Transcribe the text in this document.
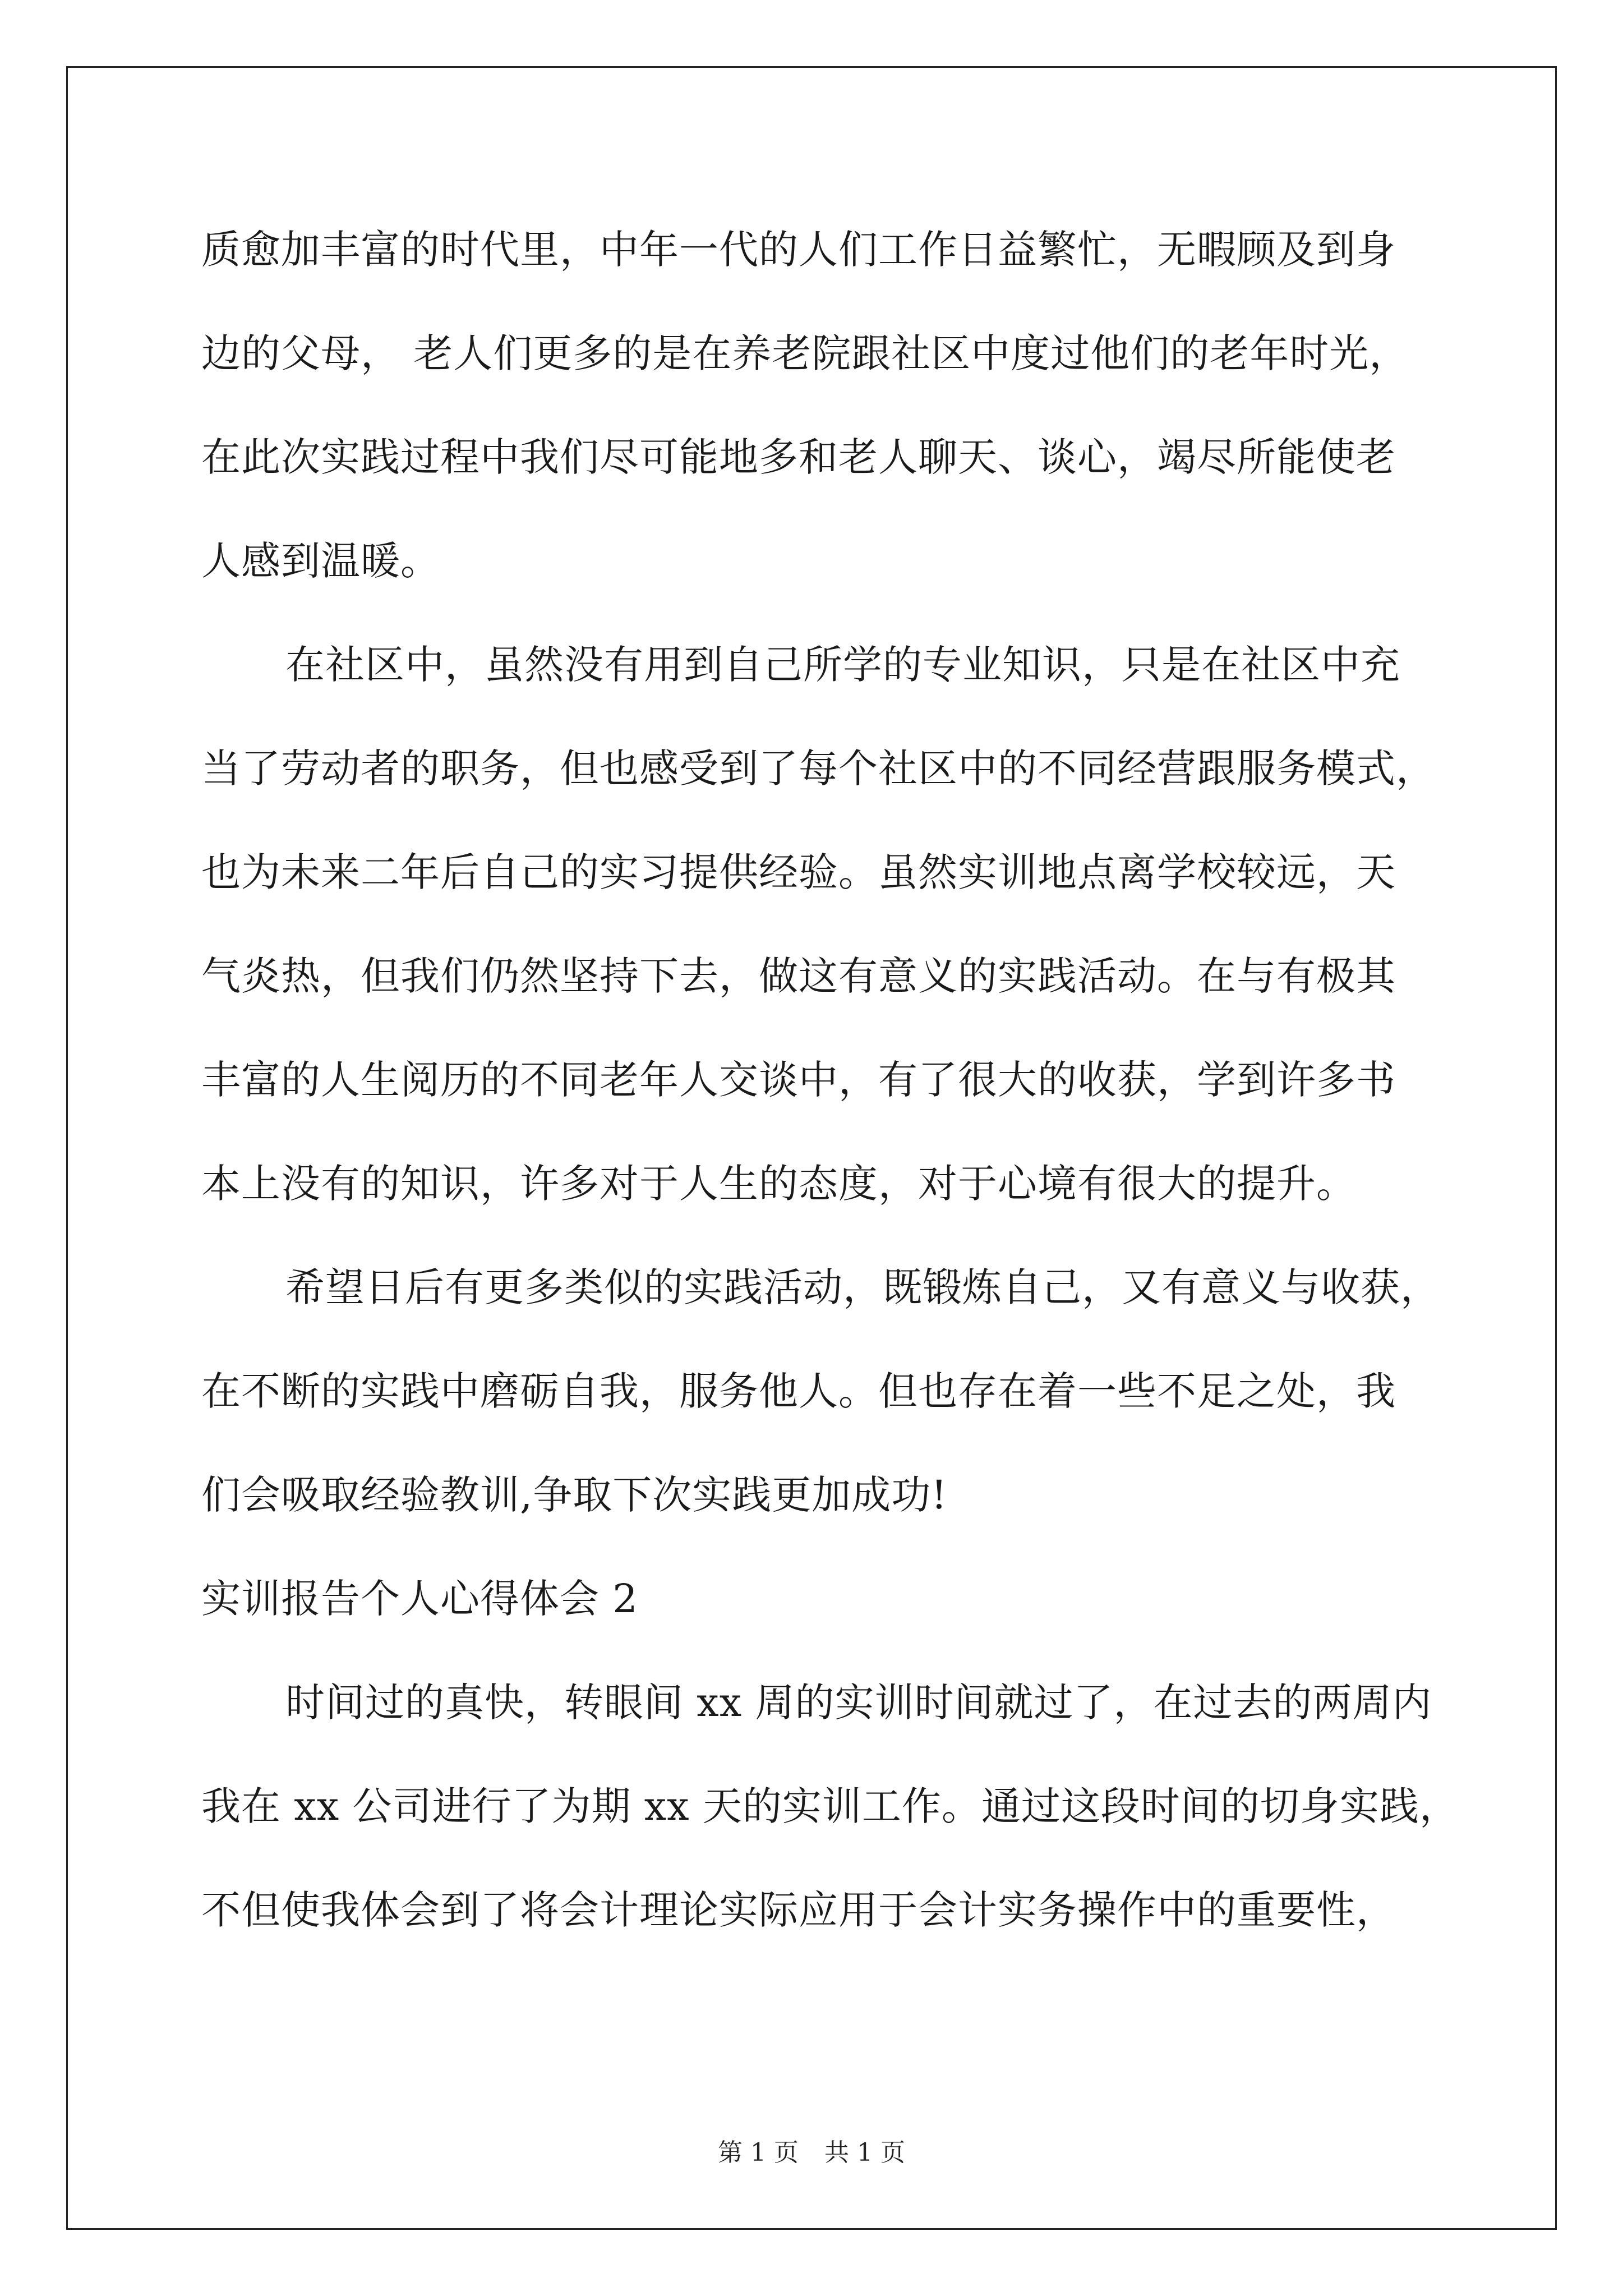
质愈加丰富的时代里，中年一代的人们工作日益繁忙，无暇顾及到身
边的父母， 老人们更多的是在养老院跟社区中度过他们的老年时光，
在此次实践过程中我们尽可能地多和老人聊天、谈心，竭尽所能使老
人感到温暖。
在社区中，虽然没有用到自己所学的专业知识，只是在社区中充
当了劳动者的职务，但也感受到了每个社区中的不同经营跟服务模式，
也为未来二年后自己的实习提供经验。虽然实训地点离学校较远，天
气炎热，但我们仍然坚持下去，做这有意义的实践活动。在与有极其
丰富的人生阅历的不同老年人交谈中，有了很大的收获，学到许多书
本上没有的知识，许多对于人生的态度，对于心境有很大的提升。
希望日后有更多类似的实践活动，既锻炼自己，又有意义与收获，
在不断的实践中磨砺自我，服务他人。但也存在着一些不足之处，我
们会吸取经验教训,争取下次实践更加成功!
实训报告个人心得体会 2
时间过的真快，转眼间 xx 周的实训时间就过了，在过去的两周内
我在 xx 公司进行了为期 xx 天的实训工作。通过这段时间的切身实践，
不但使我体会到了将会计理论实际应用于会计实务操作中的重要性，
第 1 页 共 1 页
